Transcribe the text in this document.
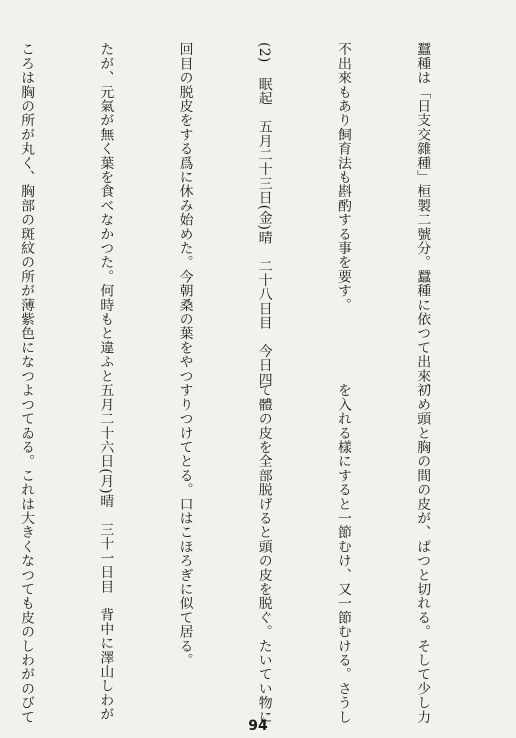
蠶種は「日支交雜種」桓製二號分。蠶種に依つて出來、

不出來もあり飼育法も斟酌する事を要す。

(2)　眠起　五月二十三日(金)晴　二十八日目　今日四

回目の脱皮をする爲に休み始めた。今朝桑の葉をやつ

たが、元氣が無く葉を食べなかつた。何時もと違ふと

ころは胸の所が丸く、胸部の斑紋の所が薄紫色になつ

初め頭と胸の間の皮が、ぱつと切れる。そして少し力

を入れる樣にすると一節むけ、又一節むける。さうし

て體の皮を全部脱げると頭の皮を脱ぐ。たいてい物に

すりつけてとる。口はこほろぎに似て居る。

五月二十六日(月)晴　三十一日目　背中に澤山しわが

よつてゐる。これは大きくなつても皮のしわがのびて

94
